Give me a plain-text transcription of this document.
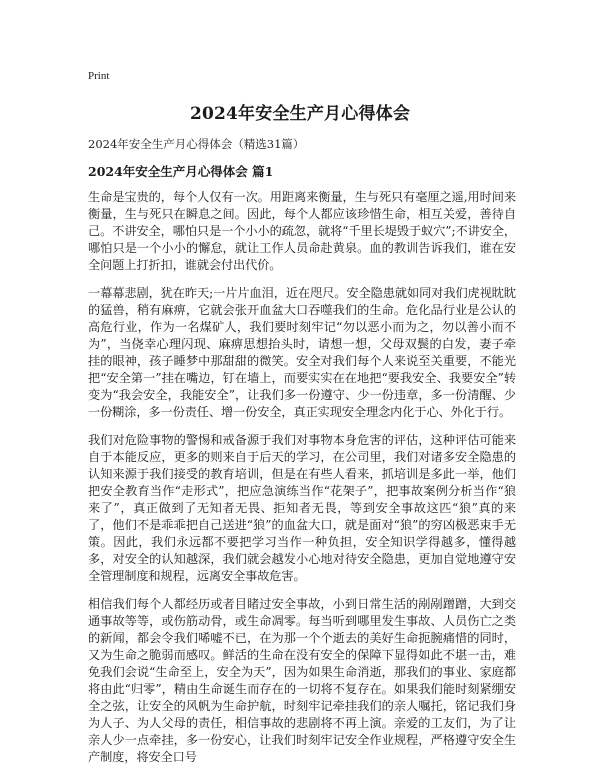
Print
2024年安全生产月心得体会
2024年安全生产月心得体会（精选31篇）
2024年安全生产月心得体会 篇1

生命是宝贵的，每个人仅有一次。用距离来衡量，生与死只有毫厘之遥,用时间来衡量，生与死只在瞬息之间。因此，每个人都应该珍惜生命，相互关爱，善待自己。不讲安全，哪怕只是一个小小的疏忽，就将“千里长堤毁于蚁穴”;不讲安全，哪怕只是一个小小的懈怠，就让工作人员命赴黄泉。血的教训告诉我们，谁在安全问题上打折扣，谁就会付出代价。

一幕幕悲剧，犹在昨天;一片片血泪，近在咫尺。安全隐患就如同对我们虎视眈眈的猛兽，稍有麻痹，它就会张开血盆大口吞噬我们的生命。危化品行业是公认的高危行业，作为一名煤矿人，我们要时刻牢记“勿以恶小而为之，勿以善小而不为”，当侥幸心理闪现、麻痹思想抬头时，请想一想，父母双鬓的白发，妻子牵挂的眼神，孩子睡梦中那甜甜的微笑。安全对我们每个人来说至关重要，不能光把“安全第一”挂在嘴边，钉在墙上，而要实实在在地把“要我安全、我要安全”转变为“我会安全，我能安全”，让我们多一份遵守、少一份违章，多一份清醒、少一份糊涂，多一份责任、增一份安全，真正实现安全理念内化于心、外化于行。

我们对危险事物的警惕和戒备源于我们对事物本身危害的评估，这种评估可能来自于本能反应，更多的则来自于后天的学习，在公司里，我们对诸多安全隐患的认知来源于我们接受的教育培训，但是在有些人看来，抓培训是多此一举，他们把安全教育当作“走形式”，把应急演练当作“花架子”，把事故案例分析当作“狼来了”，真正做到了无知者无畏、拒知者无畏，等到安全事故这匹“狼”真的来了，他们不是乖乖把自己送进“狼”的血盆大口，就是面对“狼”的穷凶极恶束手无策。因此，我们永远都不要把学习当作一种负担，安全知识学得越多，懂得越多，对安全的认知越深，我们就会越发小心地对待安全隐患，更加自觉地遵守安全管理制度和规程，远离安全事故危害。

相信我们每个人都经历或者目睹过安全事故，小到日常生活的剐剐蹭蹭，大到交通事故等等，或伤筋动骨，或生命凋零。每当听到哪里发生事故、人员伤亡之类的新闻，都会令我们唏嘘不已，在为那一个个逝去的美好生命扼腕痛惜的同时，又为生命之脆弱而感叹。鲜活的生命在没有安全的保障下显得如此不堪一击，难免我们会说“生命至上，安全为天”，因为如果生命消逝，那我们的事业、家庭都将由此“归零”，精由生命诞生而存在的一切将不复存在。如果我们能时刻紧绷安全之弦，让安全的风帆为生命护航，时刻牢记牵挂我们的亲人嘱托，铭记我们身为人子、为人父母的责任，相信事故的悲剧将不再上演。亲爱的工友们，为了让亲人少一点牵挂，多一份安心，让我们时刻牢记安全作业规程，严格遵守安全生产制度，将安全口号
